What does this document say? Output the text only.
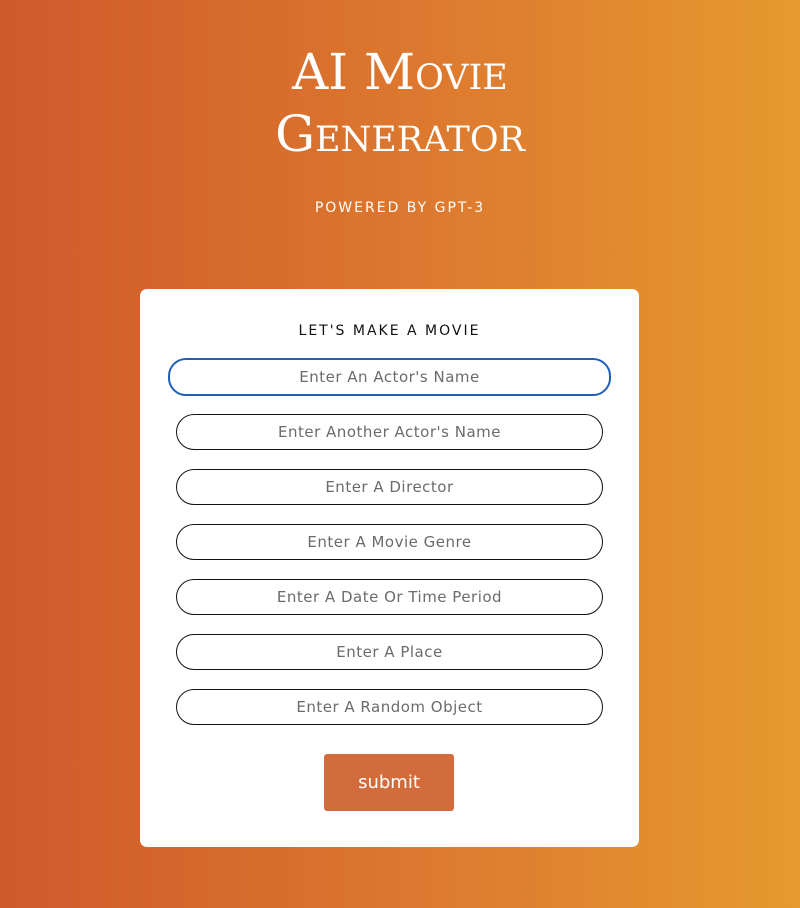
AI Movie
Generator
POWERED BY GPT-3
LET'S MAKE A MOVIE
Enter An Actor's Name
Enter Another Actor's Name
Enter A Director
Enter A Movie Genre
Enter A Date Or Time Period
Enter A Place
Enter A Random Object
submit
